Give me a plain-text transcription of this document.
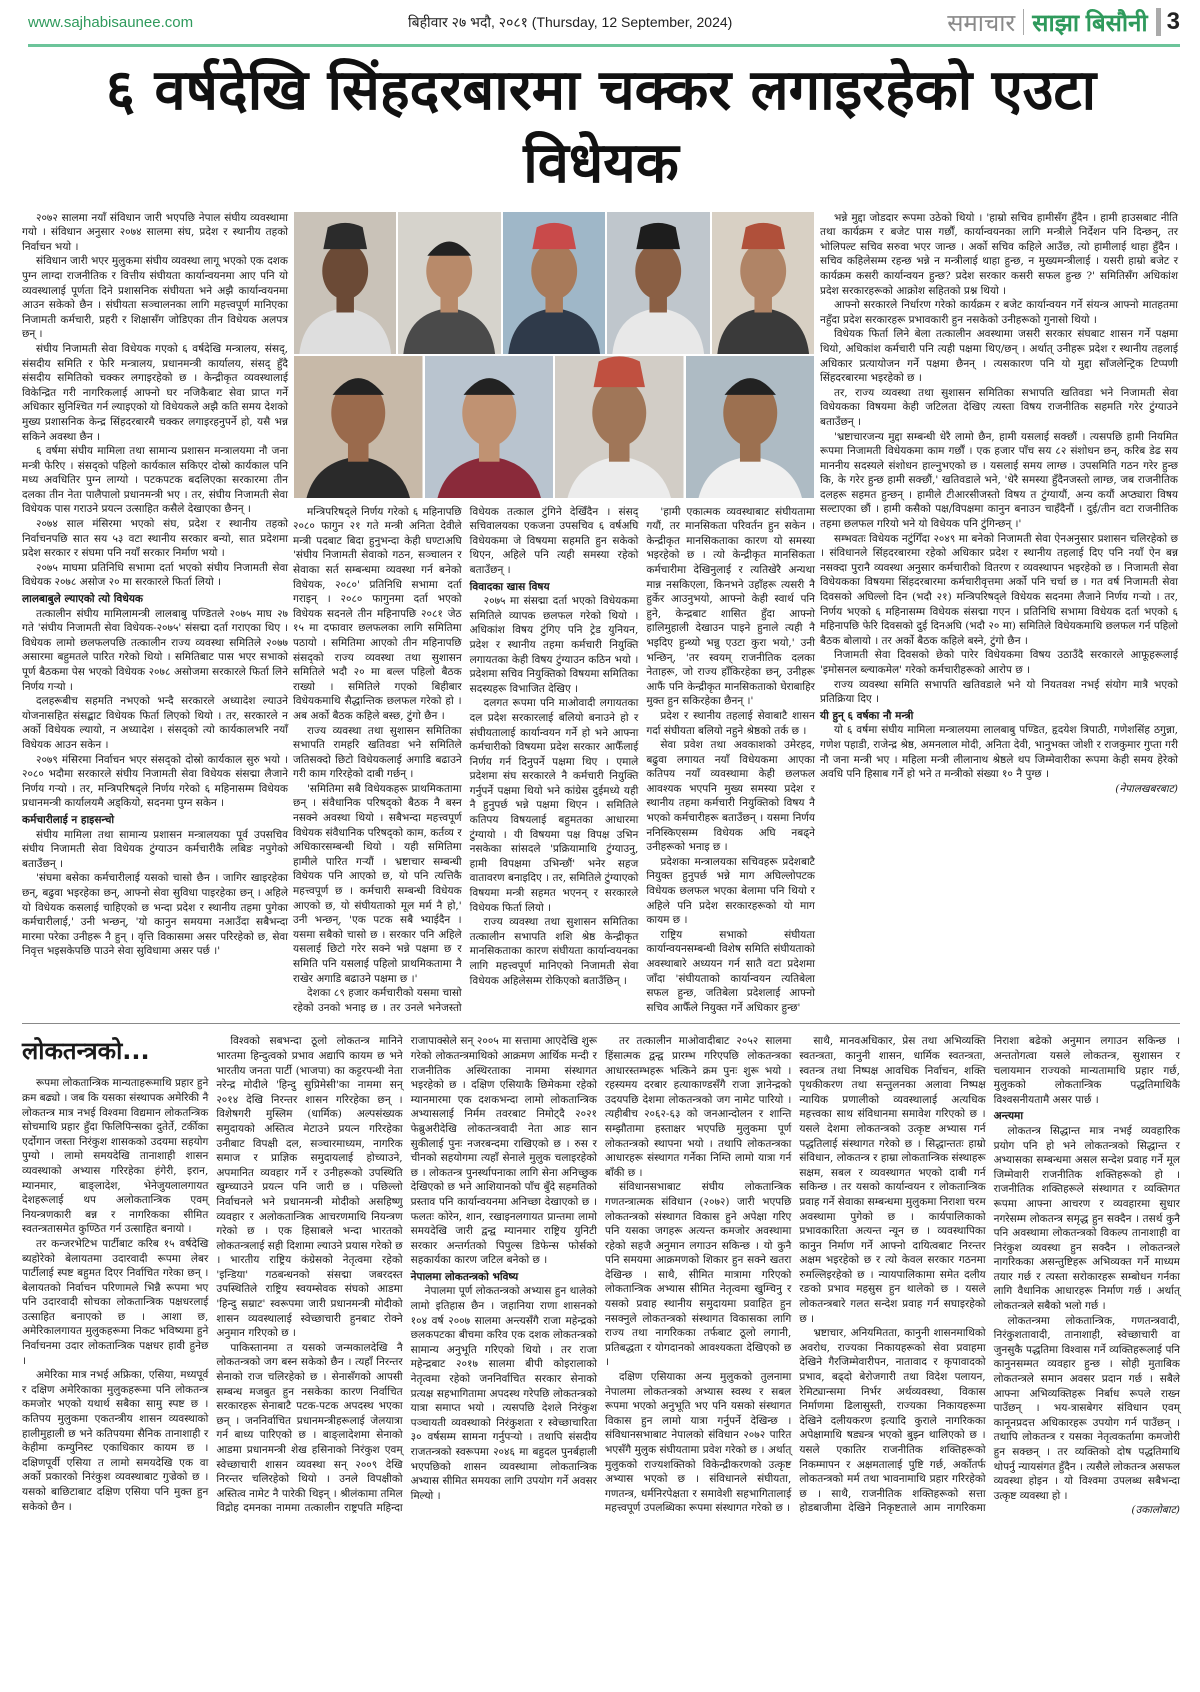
www.sajhabisaunee.com	बिहीवार २७ भदौ, २०८१ (Thursday, 12 September, 2024)	समाचार साझा बिसौनी 3
६ वर्षदेखि सिंहदरबारमा चक्कर लगाइरहेको एउटा विधेयक

२०७२ सालमा नयाँ संविधान जारी भएपछि नेपाल संघीय व्यवस्थामा गयो । संविधान अनुसार २०७४ सालमा संघ, प्रदेश र स्थानीय तहको निर्वाचन भयो ।

संविधान जारी भएर मुलुकमा संघीय व्यवस्था लागू भएको एक दशक पुग्न लाग्दा राजनीतिक र वित्तीय संघीयता कार्यान्वयनमा आए पनि यो व्यवस्थालाई पूर्णता दिने प्रशासनिक संघीयता भने अझै कार्यान्वयनमा आउन सकेको छैन । संघीयता सञ्चालनका लागि महत्त्वपूर्ण मानिएका निजामती कर्मचारी, प्रहरी र शिक्षासँग जोडिएका तीन विधेयक अलपत्र छन् ।

संघीय निजामती सेवा विधेयक गएको ६ वर्षदेखि मन्त्रालय, संसद्, संसदीय समिति र फेरि मन्त्रालय, प्रधानमन्त्री कार्यालय, संसद् हुँदै संसदीय समितिको चक्कर लगाइरहेको छ । केन्द्रीकृत व्यवस्थालाई विकेन्द्रित गरी नागरिकलाई आफ्नो घर नजिकैबाट सेवा प्राप्त गर्ने अधिकार सुनिश्चित गर्न ल्याइएको यो विधेयकले अझै कति समय देशको मुख्य प्रशासनिक केन्द्र सिंहदरबारमै चक्कर लगाइरहनुपर्ने हो, यसै भन्न सकिने अवस्था छैन ।

६ वर्षमा संघीय मामिला तथा सामान्य प्रशासन मन्त्रालयमा नौ जना मन्त्री फेरिए । संसद्को पहिलो कार्यकाल सकिएर दोस्रो कार्यकाल पनि मध्य अवधितिर पुग्न लाग्यो । पटकपटक बदलिएका सरकारमा तीन दलका तीन नेता पालैपालो प्रधानमन्त्री भए । तर, संघीय निजामती सेवा विधेयक पास गराउने प्रयत्न उत्साहित कसैले देखाएका छैनन् ।

२०७४ साल मंसिरमा भएको संघ, प्रदेश र स्थानीय तहको निर्वाचनपछि सात सय ५३ वटा स्थानीय सरकार बन्यो, सात प्रदेशमा प्रदेश सरकार र संघमा पनि नयाँ सरकार निर्माण भयो ।

२०७५ माघमा प्रतिनिधि सभामा दर्ता भएको संघीय निजामती सेवा विधेयक २०७८ असोज २० मा सरकारले फिर्ता लियो ।

लालबाबुले ल्याएको त्यो विधेयक

तत्कालीन संघीय मामिलामन्त्री लालबाबु पण्डितले २०७५ माघ २७ गते 'संघीय निजामती सेवा विधेयक-२०७५' संसद्मा दर्ता गराएका थिए । विधेयक लामो छलफलपछि तत्कालीन राज्य व्यवस्था समितिले २०७७ असारमा बहुमतले पारित गरेको थियो । समितिबाट पास भएर सभाको पूर्ण बैठकमा पेस भएको विधेयक २०७८ असोजमा सरकारले फिर्ता लिने निर्णय गऱ्यो ।

दलहरूबीच सहमति नभएको भन्दै सरकारले अध्यादेश ल्याउने योजनासहित संसद्बाट विधेयक फिर्ता लिएको थियो । तर, सरकारले न अर्को विधेयक ल्यायो, न अध्यादेश । संसद्को त्यो कार्यकालभरि नयाँ विधेयक आउन सकेन ।

२०७९ मंसिरमा निर्वाचन भएर संसद्को दोस्रो कार्यकाल सुरु भयो । २०८० भदौमा सरकारले संघीय निजामती सेवा विधेयक संसद्मा लैजाने निर्णय गऱ्यो । तर, मन्त्रिपरिषद्ले निर्णय गरेको ६ महिनासम्म विधेयक प्रधानमन्त्री कार्यालयमै अड्कियो, सदनमा पुग्न सकेन ।

कर्मचारीलाई न हाइसन्चो

संघीय मामिला तथा सामान्य प्रशासन मन्त्रालयका पूर्व उपसचिव संघीय निजामती सेवा विधेयक टुंग्याउन कर्मचारीकै लबिङ नपुगेको बताउँछन् ।

'संघमा बसेका कर्मचारीलाई यसको चासो छैन । जागिर खाइरहेका छन्, बढुवा भइरहेका छन्, आफ्नो सेवा सुविधा पाइरहेका छन् । अहिले यो विधेयक कसलाई चाहिएको छ भन्दा प्रदेश र स्थानीय तहमा पुगेका कर्मचारीलाई,' उनी भन्छन्, 'यो कानुन समयमा नआउँदा सबैभन्दा मारमा परेका उनीहरू नै हुन् । वृत्ति विकासमा असर परिरहेको छ, सेवा निवृत्त भइसकेपछि पाउने सेवा सुविधामा असर पर्छ ।'

मन्त्रिपरिषद्ले निर्णय गरेको ६ महिनापछि २०८० फागुन २१ गते मन्त्री अनिता देवीले मन्त्री पदबाट बिदा हुनुभन्दा केही घण्टाअघि 'संघीय निजामती सेवाको गठन, सञ्चालन र सेवाका सर्त सम्बन्धमा व्यवस्था गर्न बनेको विधेयक, २०८०' प्रतिनिधि सभामा दर्ता गराइन् । २०८० फागुनमा दर्ता भएको विधेयक सदनले तीन महिनापछि २०८१ जेठ १५ मा दफावार छलफलका लागि समितिमा पठायो । समितिमा आएको तीन महिनापछि संसद्को राज्य व्यवस्था तथा सुशासन समितिले भदौ २० मा बल्ल पहिलो बैठक राख्यो । समितिले गएको बिहीबार विधेयकमाथि सैद्धान्तिक छलफल गरेको हो । अब अर्को बैठक कहिले बस्छ, टुंगो छैन ।

राज्य व्यवस्था तथा सुशासन समितिका सभापति रामहरि खतिवडा भने समितिले जतिसक्दो छिटो विधेयकलाई अगाडि बढाउने गरी काम गरिरहेको दाबी गर्छन् ।

'समितिमा सबै विधेयकहरू प्राथमिकतामा छन् । संवैधानिक परिषद्को बैठक नै बस्न नसक्ने अवस्था थियो । सबैभन्दा महत्त्वपूर्ण विधेयक संवैधानिक परिषद्को काम, कर्तव्य र अधिकारसम्बन्धी थियो । यही समितिमा हामीले पारित गऱ्यौं । भ्रष्टाचार सम्बन्धी विधेयक पनि आएको छ, यो पनि त्यत्तिकै महत्त्वपूर्ण छ । कर्मचारी सम्बन्धी विधेयक आएको छ, यो संघीयताको मूल मर्म नै हो,' उनी भन्छन्, 'एक पटक सबै भ्याईदैन । यसमा सबैको चासो छ । सरकार पनि अहिले यसलाई छिटो गरेर सक्ने भन्ने पक्षमा छ र समिति पनि यसलाई पहिलो प्राथमिकतामा नै राखेर अगाडि बढाउने पक्षमा छ ।'

देशका ८९ हजार कर्मचारीको यसमा चासो रहेको उनको भनाइ छ । तर उनले भनेजस्तो विधेयक तत्काल टुंगिने देखिँदैन । संसद् सचिवालयका एकजना उपसचिव ६ वर्षअघि विधेयकमा जे विषयमा सहमति हुन सकेको थिएन, अहिले पनि त्यही समस्या रहेको बताउँछन् ।

विवादका खास विषय

२०७५ मा संसद्मा दर्ता भएको विधेयकमा समितिले व्यापक छलफल गरेको थियो । अधिकांश विषय टुंगिए पनि ट्रेड युनियन, प्रदेश र स्थानीय तहमा कर्मचारी नियुक्ति लगायतका केही विषय टुंग्याउन कठिन भयो । प्रदेशमा सचिव नियुक्तिको विषयमा समितिका सदस्यहरू विभाजित देखिए ।

दलगत रूपमा पनि माओवादी लगायतका दल प्रदेश सरकारलाई बलियो बनाउने हो र संघीयतालाई कार्यान्वयन गर्ने हो भने आफ्ना कर्मचारीको विषयमा प्रदेश सरकार आफैँलाई निर्णय गर्न दिनुपर्ने पक्षमा थिए । एमाले प्रदेशमा संघ सरकारले नै कर्मचारी नियुक्ति गर्नुपर्ने पक्षमा थियो भने कांग्रेस दुईमध्ये यही नै हुनुपर्छ भन्ने पक्षमा थिएन । समितिले कतिपय विषयलाई बहुमतका आधारमा टुंग्यायो । यी विषयमा पक्ष विपक्ष उभिन नसकेका सांसदले 'प्रक्रियामाथि टुंग्याउनु, हामी विपक्षमा उभिन्छौं' भनेर सहज वातावरण बनाइदिए । तर, समितिले टुंग्याएको विषयमा मन्त्री सहमत भएनन् र सरकारले विधेयक फिर्ता लियो ।

राज्य व्यवस्था तथा सुशासन समितिका तत्कालीन सभापति शशि श्रेष्ठ केन्द्रीकृत मानसिकताका कारण संघीयता कार्यान्वयनका लागि महत्त्वपूर्ण मानिएको निजामती सेवा विधेयक अहिलेसम्म रोकिएको बताउँछिन् ।

'हामी एकात्मक व्यवस्थाबाट संघीयतामा गयौं, तर मानसिकता परिवर्तन हुन सकेन । केन्द्रीकृत मानसिकताका कारण यो समस्या भइरहेको छ । त्यो केन्द्रीकृत मानसिकता कर्मचारीमा देखिनुलाई र त्यतिखेरै अन्यथा मान्न नसकिएला, किनभने उहाँहरू त्यसरी नै हुर्केर आउनुभयो, आफ्नो केही स्वार्थ पनि हुने, केन्द्रबाट शासित हुँदा आफ्नो हालिमुहाली देखाउन पाइने हुनाले त्यही नै भइदिए हुन्थ्यो भन्नु एउटा कुरा भयो,' उनी भन्छिन्, 'तर स्वयम् राजनीतिक दलका नेताहरू, जो राज्य हाँकिरहेका छन्, उनीहरू आफैं पनि केन्द्रीकृत मानसिकताको घेराबाहिर मुक्त हुन सकिरहेका छैनन् ।'

प्रदेश र स्थानीय तहलाई सेवाबाटै शासन गर्दा संघीयता बलियो नहुने श्रेष्ठको तर्क छ ।

सेवा प्रवेश तथा अवकाशको उमेरहद, बढुवा लगायत नयाँ विधेयकमा आएका कतिपय नयाँ व्यवस्थामा केही छलफल आवश्यक भएपनि मुख्य समस्या प्रदेश र स्थानीय तहमा कर्मचारी नियुक्तिको विषय नै भएको कर्मचारीहरू बताउँछन् । यसमा निर्णय ननिस्किएसम्म विधेयक अघि नबढ्ने उनीहरूको भनाइ छ ।

प्रदेशका मन्त्रालयका सचिवहरू प्रदेशबाटै नियुक्त हुनुपर्छ भन्ने माग अघिल्लोपटक विधेयक छलफल भएका बेलामा पनि थियो र अहिले पनि प्रदेश सरकारहरूको यो माग कायम छ ।

राष्ट्रिय सभाको संघीयता कार्यान्वयनसम्बन्धी विशेष समिति संघीयताको अवस्थाबारे अध्ययन गर्न सातै वटा प्रदेशमा जाँदा 'संघीयताको कार्यान्वयन त्यतिबेला सफल हुन्छ, जतिबेला प्रदेशलाई आफ्नो सचिव आफैँले नियुक्त गर्ने अधिकार हुन्छ'

भन्ने मुद्दा जोडदार रूपमा उठेको थियो । 'हाम्रो सचिव हामीसँग हुँदैन । हामी हाउसबाट नीति तथा कार्यक्रम र बजेट पास गर्छौं, कार्यान्वयनका लागि मन्त्रीले निर्देशन पनि दिन्छन्, तर भोलिपल्ट सचिव सरुवा भएर जान्छ । अर्को सचिव कहिले आउँछ, त्यो हामीलाई थाहा हुँदैन । सचिव कहिलेसम्म रहन्छ भन्ने न मन्त्रीलाई थाहा हुन्छ, न मुख्यमन्त्रीलाई । यसरी हाम्रो बजेट र कार्यक्रम कसरी कार्यान्वयन हुन्छ? प्रदेश सरकार कसरी सफल हुन्छ ?' समितिसँग अधिकांश प्रदेश सरकारहरूको आक्रोश सहितको प्रश्न थियो ।

आफ्नो सरकारले निर्धारण गरेको कार्यक्रम र बजेट कार्यान्वयन गर्ने संयन्त्र आफ्नो मातहतमा नहुँदा प्रदेश सरकारहरू प्रभावकारी हुन नसकेको उनीहरूको गुनासो थियो ।

विधेयक फिर्ता लिने बेला तत्कालीन अवस्थामा जसरी सरकार संघबाट शासन गर्ने पक्षमा थियो, अधिकांश कर्मचारी पनि त्यही पक्षमा थिए/छन् । अर्थात् उनीहरू प्रदेश र स्थानीय तहलाई अधिकार प्रत्यायोजन गर्ने पक्षमा छैनन् । त्यसकारण पनि यो मुद्दा साँजलेन्ट्रिक टिप्पणी सिंहदरबारमा भइरहेको छ ।

तर, राज्य व्यवस्था तथा सुशासन समितिका सभापति खतिवडा भने निजामती सेवा विधेयकका विषयमा केही जटिलता देखिए त्यस्ता विषय राजनीतिक सहमति गरेर टुंग्याउने बताउँछन् ।

'भ्रष्टाचारजन्य मुद्दा सम्बन्धी धेरै लामो छैन, हामी यसलाई सक्छौं । त्यसपछि हामी नियमित रूपमा निजामती विधेयकमा काम गर्छौं । एक हजार पाँच सय ८२ संशोधन छन्, करिब डेढ सय माननीय सदस्यले संशोधन हाल्नुभएको छ । यसलाई समय लाग्छ । उपसमिति गठन गरेर हुन्छ कि, के गरेर हुन्छ हामी सक्छौं,' खतिवडाले भने, 'धेरै समस्या हुँदैनजस्तो लाग्छ, जब राजनीतिक दलहरू सहमत हुन्छन् । हामीले टीआरसीजस्तो विषय त टुंग्यायौं, अन्य कयौं अप्ठ्यारा विषय सल्टाएका छौं । हामी कसैको पक्ष/विपक्षमा कानुन बनाउन चाहँदैनौं । दुई/तीन वटा राजनीतिक तहमा छलफल गरियो भने यो विधेयक पनि टुंगिन्छन् ।'

सम्भवतः विधेयक नटुंगिँदा २०४९ मा बनेको निजामती सेवा ऐनअनुसार प्रशासन चलिरहेको छ । संविधानले सिंहदरबारमा रहेको अधिकार प्रदेश र स्थानीय तहलाई दिए पनि नयाँ ऐन बन्न नसक्दा पुरानै व्यवस्था अनुसार कर्मचारीको वितरण र व्यवस्थापन भइरहेको छ । निजामती सेवा विधेयकका विषयमा सिंहदरबारमा कर्मचारीवृत्तमा अर्को पनि चर्चा छ । गत वर्ष निजामती सेवा दिवसको अघिल्लो दिन (भदौ २१) मन्त्रिपरिषद्ले विधेयक सदनमा लैजाने निर्णय गऱ्यो । तर, निर्णय भएको ६ महिनासम्म विधेयक संसद्मा गएन । प्रतिनिधि सभामा विधेयक दर्ता भएको ६ महिनापछि फेरि दिवसको दुई दिनअघि (भदौ २० मा) समितिले विधेयकमाथि छलफल गर्न पहिलो बैठक बोलायो । तर अर्को बैठक कहिले बस्ने, टुंगो छैन ।

निजामती सेवा दिवसको छेको पारेर विधेयकमा विषय उठाउँदै सरकारले आफूहरूलाई 'इमोसनल ब्ल्याकमेल' गरेको कर्मचारीहरूको आरोप छ ।

राज्य व्यवस्था समिति सभापति खतिवडाले भने यो नियतवश नभई संयोग मात्रै भएको प्रतिक्रिया दिए ।

यी हुन् ६ वर्षका नौ मन्त्री

यो ६ वर्षमा संघीय मामिला मन्त्रालयमा लालबाबु पण्डित, हृदयेश त्रिपाठी, गणेशसिंह ठगुन्ना, गणेश पहाडी, राजेन्द्र श्रेष्ठ, अमनलाल मोदी, अनिता देवी, भानुभक्त जोशी र राजकुमार गुप्ता गरी नौ जना मन्त्री भए । महिला मन्त्री लीलानाथ श्रेष्ठले थप जिम्मेवारीका रूपमा केही समय हेरेको अवधि पनि हिसाब गर्ने हो भने त मन्त्रीको संख्या १० नै पुग्छ ।

(नेपालखबरबाट)

लोकतन्त्रको...

रूपमा लोकतान्त्रिक मान्यताहरूमाथि प्रहार हुने क्रम बढ्यो । जब कि यसका संस्थापक अमेरिकी नै लोकतन्त्र मात्र नभई विश्वमा विद्यमान लोकतन्त्रिक सोचमाथि प्रहार हुँदा फिलिपिन्सका दुतेर्ते, टर्कीका एर्दोगान जस्ता निरंकुश शासकको उदयमा सहयोग पुग्यो । लामो समयदेखि तानाशाही शासन व्यवस्थाको अभ्यास गरिरहेका हंगेरी, इरान, म्यानमार, बाङ्लादेश, भेनेजुयलालगायत देशहरूलाई थप अलोकतान्त्रिक एवम् नियन्त्रणकारी बन्न र नागरिकका सीमित स्वतन्त्रतासमेत कुण्ठित गर्न उत्साहित बनायो ।

तर कन्जरभेटिभ पार्टीबाट करिब १५ वर्षदेखि ब्यहोरेको बेलायतमा उदारवादी रूपमा लेबर पार्टीलाई स्पष्ट बहुमत दिएर निर्वाचित गरेका छन् । बेलायतको निर्वाचन परिणामले भिन्नै रूपमा भए पनि उदारवादी सोचका लोकतान्त्रिक पक्षधरलाई उत्साहित बनाएको छ । आशा छ, अमेरिकालगायत मुलुकहरूमा निकट भविष्यमा हुने निर्वाचनमा उदार लोकतान्त्रिक पक्षधर हावी हुनेछ ।

अमेरिका मात्र नभई अफ्रिका, एसिया, मध्यपूर्व र दक्षिण अमेरिकाका मुलुकहरूमा पनि लोकतन्त्र कमजोर भएको यथार्थ सबैका सामु स्पष्ट छ । कतिपय मुलुकमा एकतन्त्रीय शासन व्यवस्थाको हालीमुहाली छ भने कतिपयमा सैनिक तानाशाही र केहीमा कम्युनिस्ट एकाधिकार कायम छ । दक्षिणपूर्वी एसिया त लामो समयदेखि एक वा अर्को प्रकारको निरंकुश व्यवस्थाबाट गुज्रेको छ । यसको बाछिटाबाट दक्षिण एसिया पनि मुक्त हुन सकेको छैन ।

विश्वको सबभन्दा ठूलो लोकतन्त्र मानिने भारतमा हिन्दुत्वको प्रभाव अद्यापि कायम छ भने भारतीय जनता पार्टी (भाजपा) का कट्टरपन्थी नेता नरेन्द्र मोदीले 'हिन्दु सुप्रिमेसी'का नाममा सन् २०१४ देखि निरन्तर शासन गरिरहेका छन् । विशेषगरी मुस्लिम (धार्मिक) अल्पसंख्यक समुदायको अस्तित्व मेटाउने प्रयत्न गरिरहेका उनीबाट विपक्षी दल, सञ्चारमाध्यम, नागरिक समाज र प्राज्ञिक समुदायलाई होच्याउने, अपमानित व्यवहार गर्ने र उनीहरूको उपस्थिति खुम्च्याउने प्रयत्न पनि जारी छ । पछिल्लो निर्वाचनले भने प्रधानमन्त्री मोदीको असहिष्णु व्यवहार र अलोकतान्त्रिक आचरणमाथि नियन्त्रण गरेको छ । एक हिसाबले भन्दा भारतको लोकतन्त्रलाई सही दिशामा ल्याउने प्रयास गरेको छ । भारतीय राष्ट्रिय कंग्रेसको नेतृत्वमा रहेको 'इन्डिया' गठबन्धनको संसद्मा जबरदस्त उपस्थितिले राष्ट्रिय स्वयम्सेवक संघको आडमा 'हिन्दु सम्राट' स्वरूपमा जारी प्रधानमन्त्री मोदीको शासन व्यवस्थालाई स्वेच्छाचारी हुनबाट रोक्ने अनुमान गरिएको छ ।

पाकिस्तानमा त यसको जन्मकालदेखि नै लोकतन्त्रको जग बस्न सकेको छैन । त्यहाँ निरन्तर सेनाको राज चलिरहेको छ । सेनासँगको आपसी सम्बन्ध मजबुत हुन नसकेका कारण निर्वाचित सरकारहरू सेनाबाटै पटक-पटक अपदस्थ भएका छन् । जननिर्वाचित प्रधानमन्त्रीहरूलाई जेलयात्रा गर्न बाध्य पारिएको छ । बाङ्लादेशमा सेनाको आडमा प्रधानमन्त्री शेख हसिनाको निरंकुश एवम् स्वेच्छाचारी शासन व्यवस्था सन् २००९ देखि निरन्तर चलिरहेको थियो । उनले विपक्षीको अस्तित्व नामेट नै पारेकी थिइन् । श्रीलंकामा तमिल विद्रोह दमनका नाममा तत्कालीन राष्ट्रपति महिन्दा राजापाक्सेले सन् २००५ मा सत्तामा आएदेखि शुरू गरेको लोकतन्त्रमाथिको आक्रमण आर्थिक मन्दी र राजनीतिक अस्थिरताका नाममा संस्थागत भइरहेको छ । दक्षिण एसियाकै छिमेकमा रहेको म्यानमारमा एक दशकभन्दा लामो लोकतान्त्रिक अभ्यासलाई निर्मम तवरबाट निमोट्दै २०२१ फेब्रुअरीदेखि लोकतन्त्रवादी नेता आङ सान सुकीलाई पुनः नजरबन्दमा राखिएको छ । रुस र चीनको सहयोगमा त्यहाँ सेनाले मुलुक चलाइरहेको छ । लोकतन्त्र पुनर्स्थापनाका लागि सेना अनिच्छुक देखिएको छ भने आशियानको पाँच बुँदे सहमतिको प्रस्ताव पनि कार्यान्वयनमा अनिच्छा देखाएको छ । फलतः कोरेन, शान, रखाइनलगायत प्रान्तमा लामो समयदेखि जारी द्वन्द्व म्यानमार राष्ट्रिय युनिटी सरकार अन्तर्गतको पिपुल्स डिफेन्स फोर्सको सहकार्यका कारण जटिल बनेको छ ।

नेपालमा लोकतन्त्रको भविष्य

नेपालमा पूर्ण लोकतन्त्रको अभ्यास हुन थालेको लामो इतिहास छैन । जहानिया राणा शासनको १०४ वर्ष २००७ सालमा अन्त्यसँगै राजा महेन्द्रको छलकपटका बीचमा करिव एक दशक लोकतन्त्रको सामान्य अनुभूति गरिएको थियो । तर राजा महेन्द्रबाट २०१७ सालमा बीपी कोइरालाको नेतृत्वमा रहेको जननिर्वाचित सरकार सेनाको प्रत्यक्ष सहभागितामा अपदस्थ गरेपछि लोकतन्त्रको यात्रा समाप्त भयो । त्यसपछि देशले निरंकुश पञ्चायती व्यवस्थाको निरंकुशता र स्वेच्छाचारिता ३० वर्षसम्म सामना गर्नुपऱ्यो । तथापि संसदीय राजतन्त्रको स्वरूपमा २०४६ मा बहुदल पुनर्बहाली भएपछिको शासन व्यवस्थामा लोकतान्त्रिक अभ्यास सीमित समयका लागि उपयोग गर्ने अवसर मिल्यो ।

तर तत्कालीन माओवादीबाट २०५२ सालमा हिंसात्मक द्वन्द्व प्रारम्भ गरिएपछि लोकतन्त्रका आधारस्तम्भहरू भत्किने क्रम पुनः शुरू भयो । रहस्यमय दरबार हत्याकाण्डसँगै राजा ज्ञानेन्द्रको उदयपछि देशमा लोकतन्त्रको जग नामेट पारियो । त्यहीबीच २०६२-६३ को जनआन्दोलन र शान्ति सम्झौतामा हस्ताक्षर भएपछि मुलुकमा पूर्ण लोकतन्त्रको स्थापना भयो । तथापि लोकतन्त्रका आधारहरू संस्थागत गर्नेका निम्ति लामो यात्रा गर्न बाँकी छ ।

संविधानसभाबाट संघीय लोकतान्त्रिक गणतन्त्रात्मक संविधान (२०७२) जारी भएपछि लोकतन्त्रको संस्थागत विकास हुने अपेक्षा गरिए पनि यसका जगहरू अत्यन्त कमजोर अवस्थामा रहेको सहजै अनुमान लगाउन सकिन्छ । यो कुनै पनि समयमा आक्रमणको शिकार हुन सक्ने खतरा देखिन्छ । साथै, सीमित मात्रामा गरिएको लोकतान्त्रिक अभ्यास सीमित नेतृत्वमा खुम्चिनु र यसको प्रवाह स्थानीय समुदायमा प्रवाहित हुन नसक्नुले लोकतन्त्रको संस्थागत विकासका लागि राज्य तथा नागरिकका तर्फबाट ठूलो लगानी, प्रतिबद्धता र योगदानको आवश्यकता देखिएको छ ।

दक्षिण एसियाका अन्य मुलुकको तुलनामा नेपालमा लोकतन्त्रको अभ्यास स्वस्थ र सबल रूपमा भएको अनुभूति भए पनि यसको संस्थागत विकास हुन लामो यात्रा गर्नुपर्ने देखिन्छ । संविधानसभाबाट नेपालको संविधान २०७२ पारित भएसँगै मुलुक संघीयतामा प्रवेश गरेको छ । अर्थात् मुलुकको राज्यशक्तिको विकेन्द्रीकरणको उत्कृष्ट अभ्यास भएको छ । संविधानले संघीयता, गणतन्त्र, धर्मनिरपेक्षता र समावेशी सहभागितालाई महत्त्वपूर्ण उपलब्धिका रूपमा संस्थागत गरेको छ ।

साथै, मानवअधिकार, प्रेस तथा अभिव्यक्ति स्वतन्त्रता, कानुनी शासन, धार्मिक स्वतन्त्रता, स्वतन्त्र तथा निष्पक्ष आवधिक निर्वाचन, शक्ति पृथकीकरण तथा सन्तुलनका अलावा निष्पक्ष न्यायिक प्रणालीको व्यवस्थालाई अत्यधिक महत्त्वका साथ संविधानमा समावेश गरिएको छ । यसले देशमा लोकतन्त्रको उत्कृष्ट अभ्यास गर्न पद्धतिलाई संस्थागत गरेको छ । सिद्धान्ततः हाम्रो संविधान, लोकतन्त्र र हाम्रा लोकतान्त्रिक संस्थाहरू सक्षम, सबल र व्यवस्थागत भएको दाबी गर्न सकिन्छ । तर यसको कार्यान्वयन र लोकतान्त्रिक प्रवाह गर्ने सेवाका सम्बन्धमा मुलुकमा निराशा चरम अवस्थामा पुगेको छ । कार्यपालिकाको प्रभावकारिता अत्यन्त न्यून छ । व्यवस्थापिका कानुन निर्माण गर्ने आफ्नो दायित्वबाट निरन्तर अक्षम भइरहेको छ र त्यो केवल सरकार गठनमा रुमल्लिइरहेको छ । न्यायपालिकामा समेत दलीय रङको प्रभाव महसुस हुन थालेको छ । यसले लोकतन्त्रबारे गलत सन्देश प्रवाह गर्न सघाइरहेको छ ।

भ्रष्टाचार, अनियमितता, कानुनी शासनमाथिको अवरोध, राज्यका निकायहरूको सेवा प्रवाहमा देखिने गैरजिम्मेवारीपन, नातावाद र कृपावादको प्रभाव, बढ्दो बेरोजगारी तथा विदेश पलायन, रेमिट्यान्समा निर्भर अर्थव्यवस्था, विकास निर्माणमा ढिलासुस्ती, राज्यका निकायहरूमा देखिने दलीयकरण इत्यादि कुराले नागरिकका अपेक्षामाथि षड्यन्त्र भएको बुझ्न थालिएको छ । यसले एकातिर राजनीतिक शक्तिहरूको निकम्मापन र अक्षमतालाई पुष्टि गर्छ, अर्कोतर्फ लोकतन्त्रको मर्म तथा भावनामाथि प्रहार गरिरहेको छ । साथै, राजनीतिक शक्तिहरूको सत्ता होडबाजीमा देखिने निकृष्टताले आम नागरिकमा निराशा बढेको अनुमान लगाउन सकिन्छ । अन्ततोगत्वा यसले लोकतन्त्र, सुशासन र चलायमान राज्यको मान्यतामाथि प्रहार गर्छ, मुलुकको लोकतान्त्रिक पद्धतिमाथिकै विश्वसनीयतामै असर पार्छ ।

अन्त्यमा

लोकतन्त्र सिद्धान्त मात्र नभई व्यवहारिक प्रयोग पनि हो भने लोकतन्त्रको सिद्धान्त र अभ्यासका सम्बन्धमा असल सन्देश प्रवाह गर्ने मूल जिम्मेवारी राजनीतिक शक्तिहरूको हो । राजनीतिक शक्तिहरूले संस्थागत र व्यक्तिगत रूपमा आफ्ना आचरण र व्यवहारमा सुधार नगरेसम्म लोकतन्त्र समृद्ध हुन सक्दैन । तसर्थ कुनै पनि अवस्थामा लोकतन्त्रको विकल्प तानाशाही वा निरंकुश व्यवस्था हुन सक्दैन । लोकतन्त्रले नागरिकका असन्तुष्टिहरू अभिव्यक्त गर्ने माध्यम तयार गर्छ र त्यस्ता सरोकारहरू सम्बोधन गर्नका लागि वैधानिक आधारहरू निर्माण गर्छ । अर्थात् लोकतन्त्रले सबैको भलो गर्छ ।

लोकतन्त्रमा लोकतान्त्रिक, गणतन्त्रवादी, निरंकुशतावादी, तानाशाही, स्वेच्छाचारी वा जुनसुकै पद्धतिमा विश्वास गर्ने व्यक्तिहरूलाई पनि कानुनसम्मत व्यवहार हुन्छ । सोही मुताबिक लोकतन्त्रले समान अवसर प्रदान गर्छ । सबैले आफ्ना अभिव्यक्तिहरू निर्बाध रूपले राख्न पाउँछन् । भय-त्रासबेगर संविधान एवम् कानूनप्रदत्त अधिकारहरू उपयोग गर्न पाउँछन् । तथापि लोकतन्त्र र यसका नेतृत्वकर्तामा कमजोरी हुन सक्छन् । तर व्यक्तिको दोष पद्धतिमाथि थोपर्नु न्यायसंगत हुँदैन । त्यसैले लोकतन्त्र असफल व्यवस्था होइन । यो विश्वमा उपलब्ध सबैभन्दा उत्कृष्ट व्यवस्था हो ।

(उकालोबाट)
